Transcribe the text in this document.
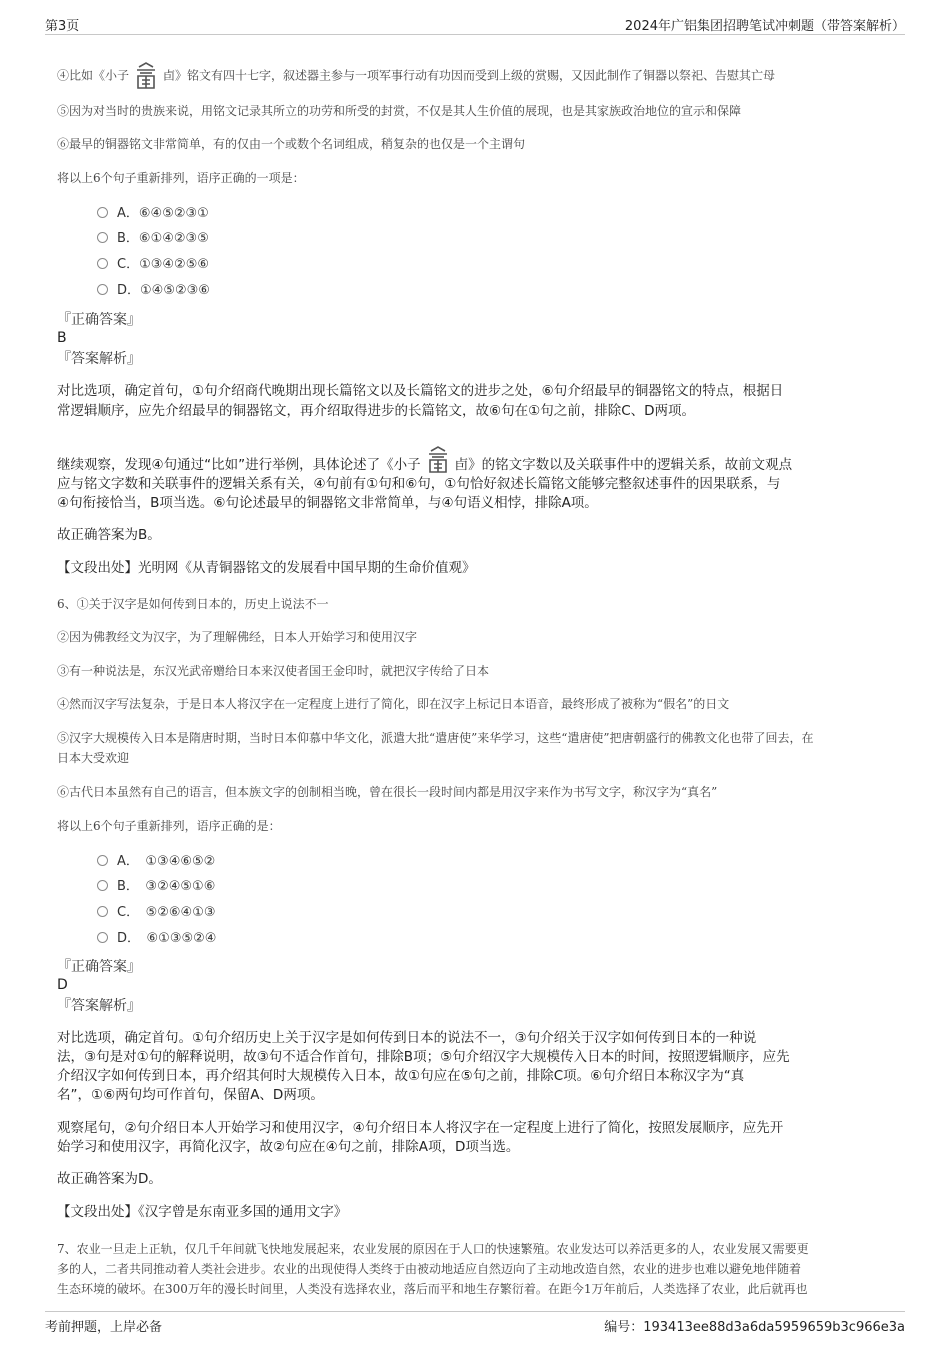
第3页	2024年广铝集团招聘笔试冲刺题（带答案解析）
④比如《小子	卣》铭文有四十七字，叙述器主参与一项军事行动有功因而受到上级的赏赐，又因此制作了铜器以祭祀、告慰其亡母
⑤因为对当时的贵族来说，用铭文记录其所立的功劳和所受的封赏，不仅是其人生价值的展现，也是其家族政治地位的宣示和保障
⑥最早的铜器铭文非常简单，有的仅由一个或数个名词组成，稍复杂的也仅是一个主谓句
将以上6个句子重新排列，语序正确的一项是：
A．⑥④⑤②③①
B．⑥①④②③⑤
C．①③④②⑤⑥
D．①④⑤②③⑥
『正确答案』
B
『答案解析』
对比选项，确定首句，①句介绍商代晚期出现长篇铭文以及长篇铭文的进步之处，⑥句介绍最早的铜器铭文的特点，根据日
常逻辑顺序，应先介绍最早的铜器铭文，再介绍取得进步的长篇铭文，故⑥句在①句之前，排除C、D两项。
继续观察，发现④句通过“比如”进行举例，具体论述了《小子	卣》的铭文字数以及关联事件中的逻辑关系，故前文观点
应与铭文字数和关联事件的逻辑关系有关，④句前有①句和⑥句，①句恰好叙述长篇铭文能够完整叙述事件的因果联系，与
④句衔接恰当，B项当选。⑥句论述最早的铜器铭文非常简单，与④句语义相悖，排除A项。
故正确答案为B。
【文段出处】光明网《从青铜器铭文的发展看中国早期的生命价值观》
6、①关于汉字是如何传到日本的，历史上说法不一
②因为佛教经文为汉字，为了理解佛经，日本人开始学习和使用汉字
③有一种说法是，东汉光武帝赠给日本来汉使者国王金印时，就把汉字传给了日本
④然而汉字写法复杂，于是日本人将汉字在一定程度上进行了简化，即在汉字上标记日本语音，最终形成了被称为“假名”的日文
⑤汉字大规模传入日本是隋唐时期，当时日本仰慕中华文化，派遣大批“遣唐使”来华学习，这些“遣唐使”把唐朝盛行的佛教文化也带了回去，在
日本大受欢迎
⑥古代日本虽然有自己的语言，但本族文字的创制相当晚，曾在很长一段时间内都是用汉字来作为书写文字，称汉字为“真名”
将以上6个句子重新排列，语序正确的是：
A．　①③④⑥⑤②
B．　③②④⑤①⑥
C．　⑤②⑥④①③
D．　⑥①③⑤②④
『正确答案』
D
『答案解析』
对比选项，确定首句。①句介绍历史上关于汉字是如何传到日本的说法不一，③句介绍关于汉字如何传到日本的一种说
法，③句是对①句的解释说明，故③句不适合作首句，排除B项；⑤句介绍汉字大规模传入日本的时间，按照逻辑顺序，应先
介绍汉字如何传到日本，再介绍其何时大规模传入日本，故①句应在⑤句之前，排除C项。⑥句介绍日本称汉字为“真
名”，①⑥两句均可作首句，保留A、D两项。
观察尾句，②句介绍日本人开始学习和使用汉字，④句介绍日本人将汉字在一定程度上进行了简化，按照发展顺序，应先开
始学习和使用汉字，再简化汉字，故②句应在④句之前，排除A项，D项当选。
故正确答案为D。
【文段出处】《汉字曾是东南亚多国的通用文字》
7、农业一旦走上正轨，仅几千年间就飞快地发展起来，农业发展的原因在于人口的快速繁殖。农业发达可以养活更多的人，农业发展又需要更
多的人，二者共同推动着人类社会进步。农业的出现使得人类终于由被动地适应自然迈向了主动地改造自然，农业的进步也难以避免地伴随着
生态环境的破坏。在300万年的漫长时间里，人类没有选择农业，落后而平和地生存繁衍着。在距今1万年前后，人类选择了农业，此后就再也
考前押题，上岸必备	编号：193413ee88d3a6da5959659b3c966e3a
